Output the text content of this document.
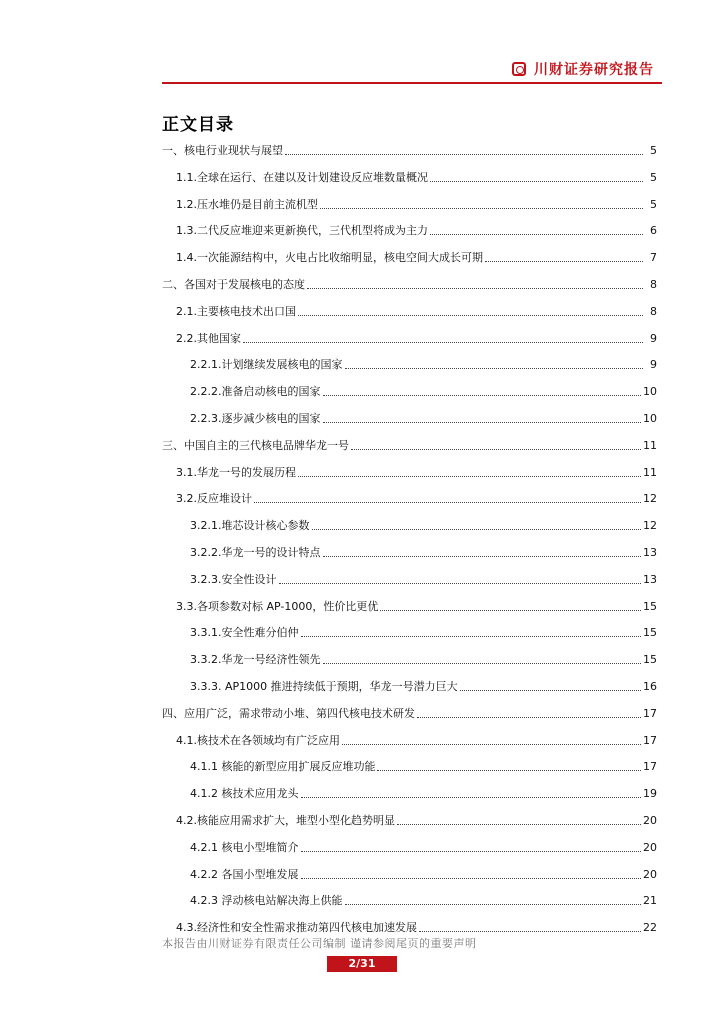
川财证券研究报告
正文目录
一、核电行业现状与展望	5
1.1.全球在运行、在建以及计划建设反应堆数量概况	5
1.2.压水堆仍是目前主流机型	5
1.3.二代反应堆迎来更新换代，三代机型将成为主力	6
1.4.一次能源结构中，火电占比收缩明显，核电空间大成长可期	7
二、各国对于发展核电的态度	8
2.1.主要核电技术出口国	8
2.2.其他国家	9
2.2.1.计划继续发展核电的国家	9
2.2.2.准备启动核电的国家	10
2.2.3.逐步减少核电的国家	10
三、中国自主的三代核电品牌华龙一号	11
3.1.华龙一号的发展历程	11
3.2.反应堆设计	12
3.2.1.堆芯设计核心参数	12
3.2.2.华龙一号的设计特点	13
3.2.3.安全性设计	13
3.3.各项参数对标 AP-1000，性价比更优	15
3.3.1.安全性难分伯仲	15
3.3.2.华龙一号经济性领先	15
3.3.3. AP1000 推进持续低于预期，华龙一号潜力巨大	16
四、应用广泛，需求带动小堆、第四代核电技术研发	17
4.1.核技术在各领域均有广泛应用	17
4.1.1 核能的新型应用扩展反应堆功能	17
4.1.2 核技术应用龙头	19
4.2.核能应用需求扩大，堆型小型化趋势明显	20
4.2.1 核电小型堆简介	20
4.2.2 各国小型堆发展	20
4.2.3 浮动核电站解决海上供能	21
4.3.经济性和安全性需求推动第四代核电加速发展	22
本报告由川财证券有限责任公司编制 谨请参阅尾页的重要声明
2/31
